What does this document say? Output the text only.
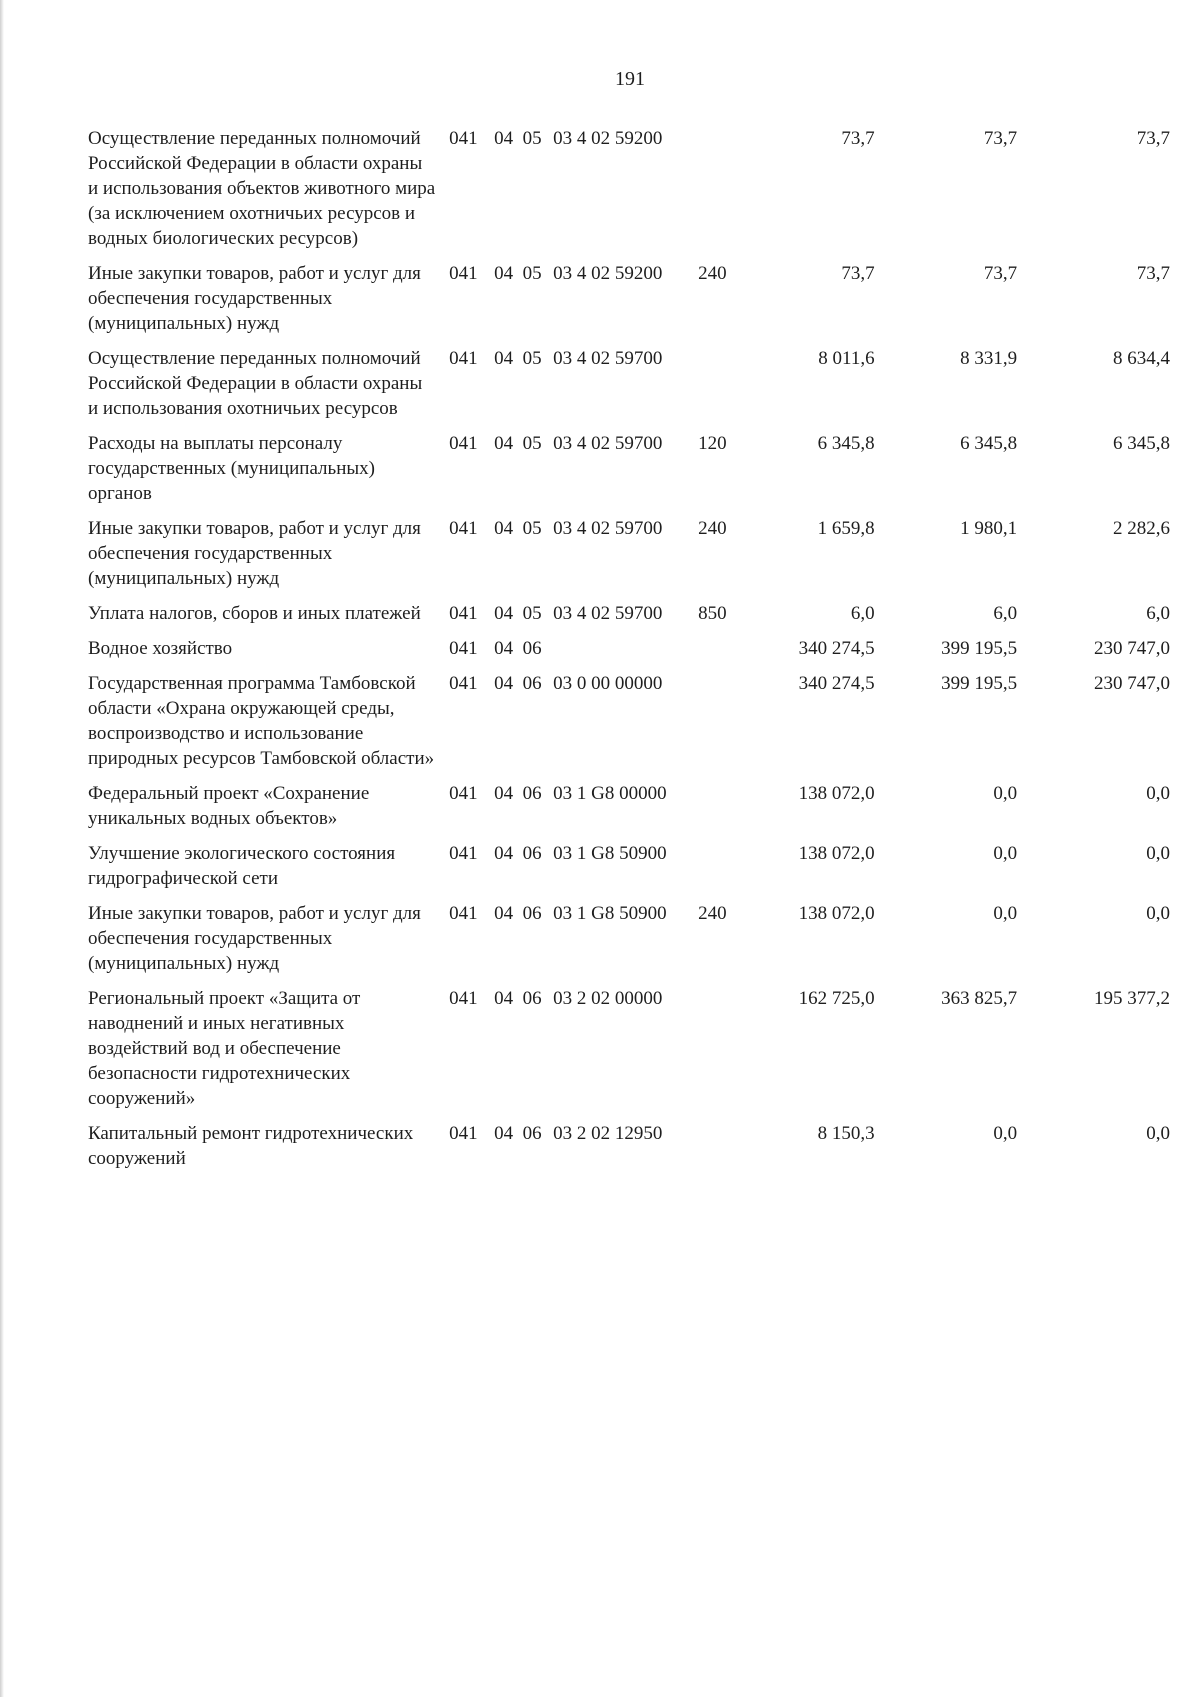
191
Осуществление переданных полномочий Российской Федерации в области охраны и использования объектов животного мира (за исключением охотничьих ресурсов и водных биологических ресурсов)	041	04 05	03 4 02 59200		73,7	73,7	73,7
Иные закупки товаров, работ и услуг для обеспечения государственных (муниципальных) нужд	041	04 05	03 4 02 59200	240	73,7	73,7	73,7
Осуществление переданных полномочий Российской Федерации в области охраны и использования охотничьих ресурсов	041	04 05	03 4 02 59700		8 011,6	8 331,9	8 634,4
Расходы на выплаты персоналу государственных (муниципальных) органов	041	04 05	03 4 02 59700	120	6 345,8	6 345,8	6 345,8
Иные закупки товаров, работ и услуг для обеспечения государственных (муниципальных) нужд	041	04 05	03 4 02 59700	240	1 659,8	1 980,1	2 282,6
Уплата налогов, сборов и иных платежей	041	04 05	03 4 02 59700	850	6,0	6,0	6,0
Водное хозяйство	041	04 06			340 274,5	399 195,5	230 747,0
Государственная программа Тамбовской области «Охрана окружающей среды, воспроизводство и использование природных ресурсов Тамбовской области»	041	04 06	03 0 00 00000		340 274,5	399 195,5	230 747,0
Федеральный проект «Сохранение уникальных водных объектов»	041	04 06	03 1 G8 00000		138 072,0	0,0	0,0
Улучшение экологического состояния гидрографической сети	041	04 06	03 1 G8 50900		138 072,0	0,0	0,0
Иные закупки товаров, работ и услуг для обеспечения государственных (муниципальных) нужд	041	04 06	03 1 G8 50900	240	138 072,0	0,0	0,0
Региональный проект «Защита от наводнений и иных негативных воздействий вод и обеспечение безопасности гидротехнических сооружений»	041	04 06	03 2 02 00000		162 725,0	363 825,7	195 377,2
Капитальный ремонт гидротехнических сооружений	041	04 06	03 2 02 12950		8 150,3	0,0	0,0
